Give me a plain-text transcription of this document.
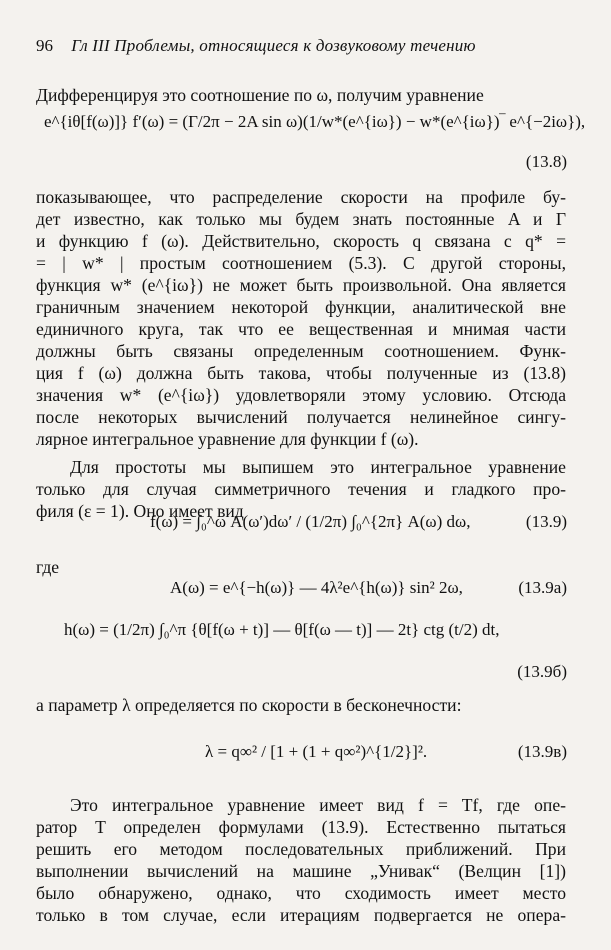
96 Гл III Проблемы, относящиеся к дозвуковому течению
Дифференцируя это соотношение по ω, получим уравнение
e^{iθ[f(ω)]} f′(ω) = (Γ/2π − 2A sin ω)(1/w*(e^{iω}) − w*(e^{iω})‾ e^{−2iω}),
(13.8)
показывающее, что распределение скорости на профиле бу-
дет известно, как только мы будем знать постоянные A и Γ
и функцию f (ω). Действительно, скорость q связана с q* =
= | w* | простым соотношением (5.3). С другой стороны,
функция w* (e^{iω}) не может быть произвольной. Она является
граничным значением некоторой функции, аналитической вне
единичного круга, так что ее вещественная и мнимая части
должны быть связаны определенным соотношением. Функ-
ция f (ω) должна быть такова, чтобы полученные из (13.8)
значения w* (e^{iω}) удовлетворяли этому условию. Отсюда
после некоторых вычислений получается нелинейное сингу-
лярное интегральное уравнение для функции f (ω).
Для простоты мы выпишем это интегральное уравнение
только для случая симметричного течения и гладкого про-
филя (ε = 1). Оно имеет вид
f(ω) = ∫₀^ω A(ω′)dω′ / (1/2π) ∫₀^{2π} A(ω) dω,	(13.9)
где
A(ω) = e^{−h(ω)} — 4λ²e^{h(ω)} sin² 2ω,	(13.9a)
h(ω) = (1/2π) ∫₀^π {θ[f(ω + t)] — θ[f(ω — t)] — 2t} ctg (t/2) dt,
(13.9б)
а параметр λ определяется по скорости в бесконечности:
λ = q∞² / [1 + (1 + q∞²)^{1/2}]².	(13.9в)
Это интегральное уравнение имеет вид f = Tf, где опе-
ратор T определен формулами (13.9). Естественно пытаться
решить его методом последовательных приближений. При
выполнении вычислений на машине „Унивак“ (Велцин [1])
было обнаружено, однако, что сходимость имеет место
только в том случае, если итерациям подвергается не опера-
